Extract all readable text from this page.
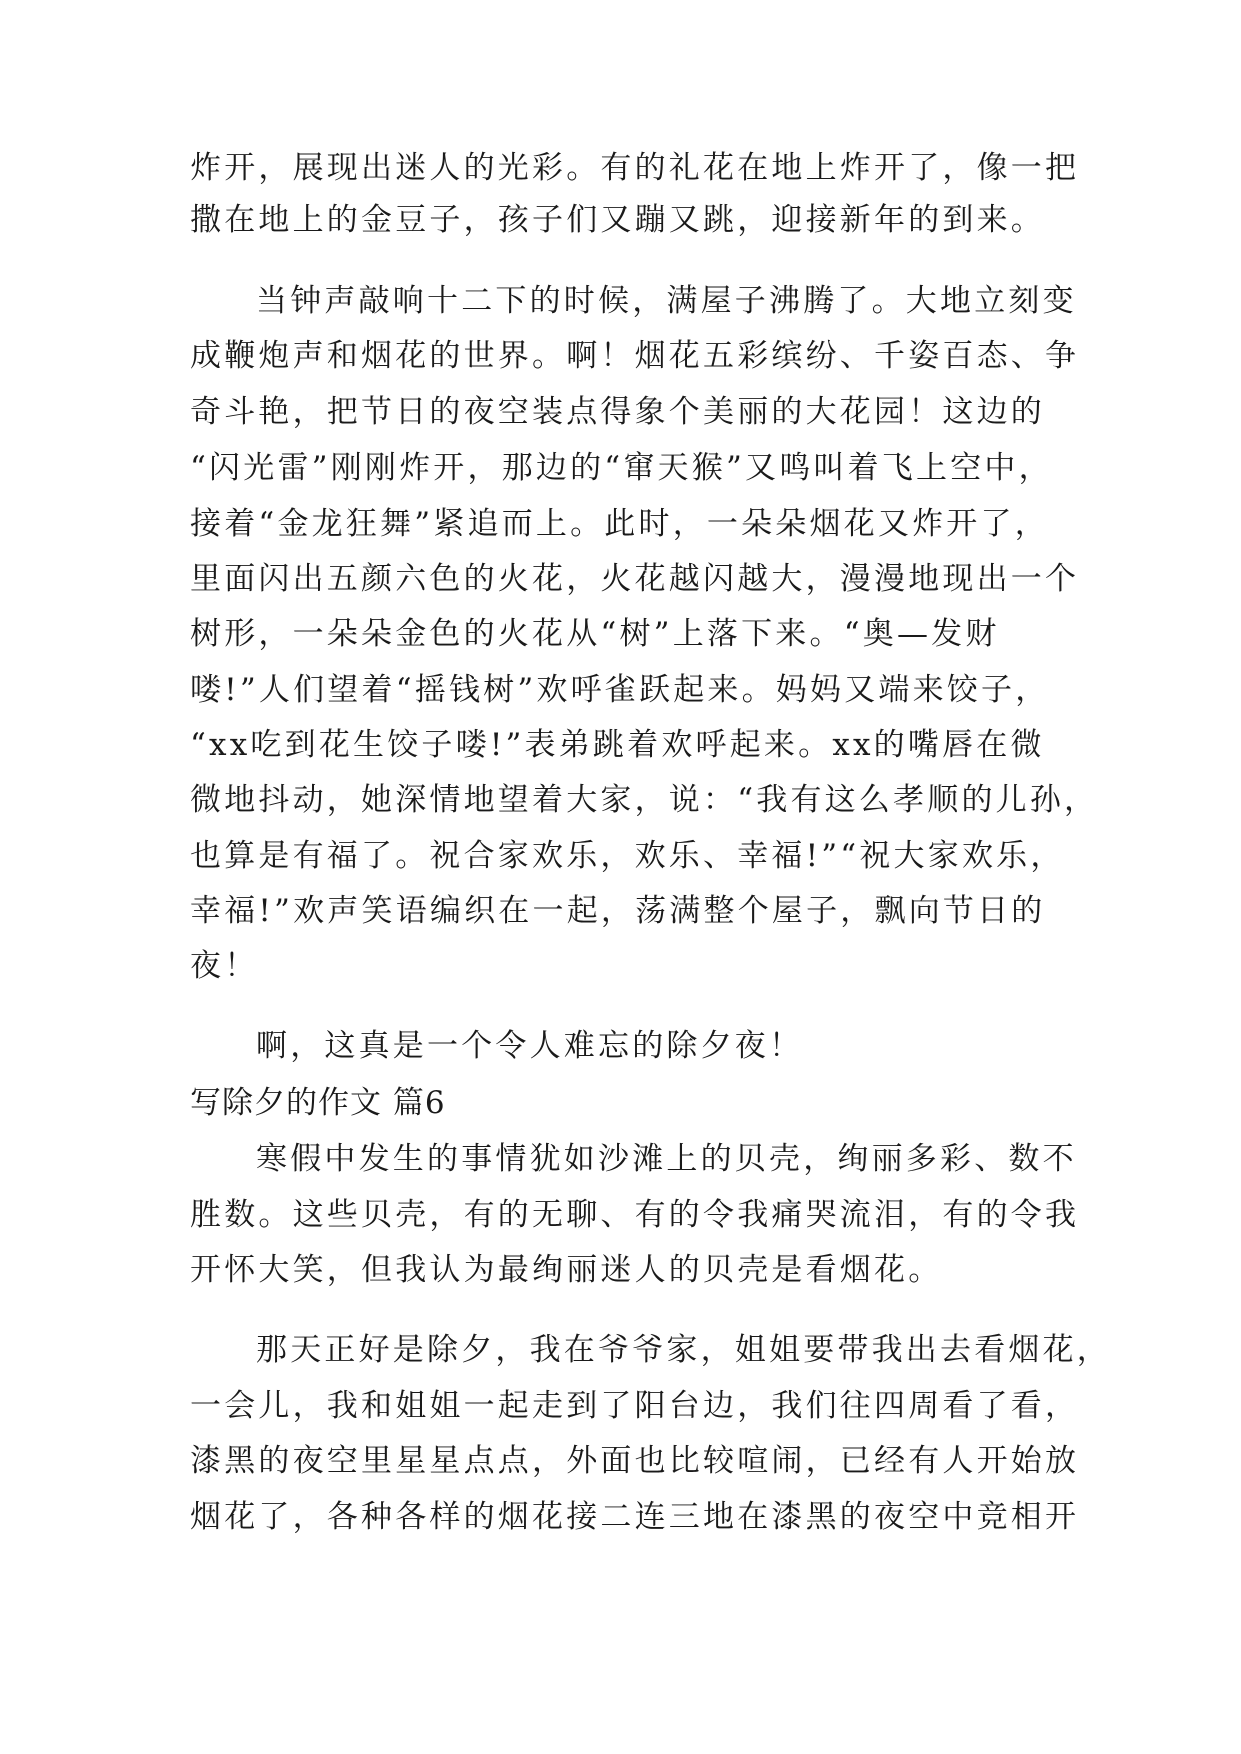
炸开，展现出迷人的光彩。有的礼花在地上炸开了，像一把
撒在地上的金豆子，孩子们又蹦又跳，迎接新年的到来。
当钟声敲响十二下的时候，满屋子沸腾了。大地立刻变
成鞭炮声和烟花的世界。啊！烟花五彩缤纷、千姿百态、争
奇斗艳，把节日的夜空装点得象个美丽的大花园！这边的
“闪光雷”刚刚炸开，那边的“窜天猴”又鸣叫着飞上空中，
接着“金龙狂舞”紧追而上。此时，一朵朵烟花又炸开了，
里面闪出五颜六色的火花，火花越闪越大，漫漫地现出一个
树形，一朵朵金色的火花从“树”上落下来。“奥—发财
喽!”人们望着“摇钱树”欢呼雀跃起来。妈妈又端来饺子，
“xx吃到花生饺子喽!”表弟跳着欢呼起来。xx的嘴唇在微
微地抖动，她深情地望着大家，说：“我有这么孝顺的儿孙，
也算是有福了。祝合家欢乐，欢乐、幸福!”“祝大家欢乐，
幸福!”欢声笑语编织在一起，荡满整个屋子，飘向节日的
夜！
啊，这真是一个令人难忘的除夕夜！
写除夕的作文 篇6
寒假中发生的事情犹如沙滩上的贝壳，绚丽多彩、数不
胜数。这些贝壳，有的无聊、有的令我痛哭流泪，有的令我
开怀大笑，但我认为最绚丽迷人的贝壳是看烟花。
那天正好是除夕，我在爷爷家，姐姐要带我出去看烟花，
一会儿，我和姐姐一起走到了阳台边，我们往四周看了看，
漆黑的夜空里星星点点，外面也比较喧闹，已经有人开始放
烟花了，各种各样的烟花接二连三地在漆黑的夜空中竞相开
